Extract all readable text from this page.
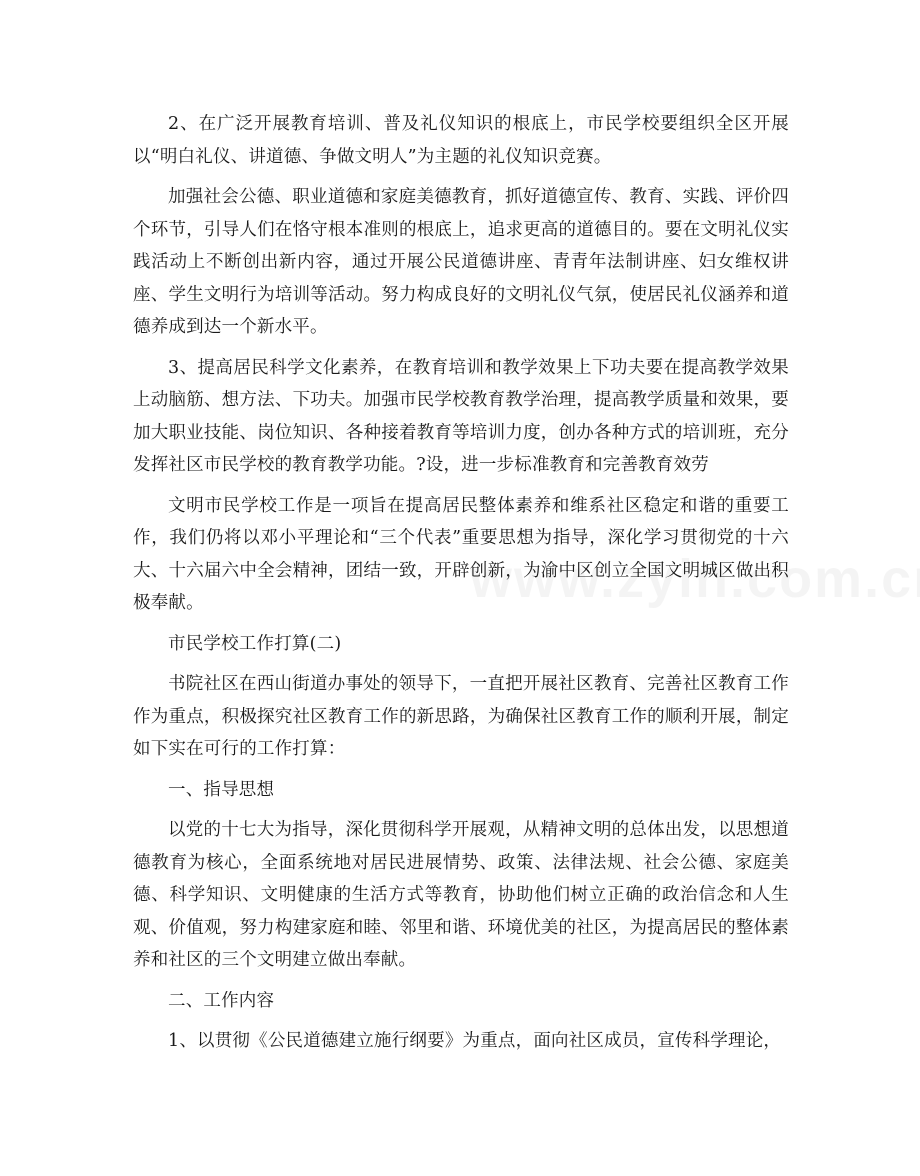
2、在广泛开展教育培训、普及礼仪知识的根底上，市民学校要组织全区开展以“明白礼仪、讲道德、争做文明人”为主题的礼仪知识竞赛。

加强社会公德、职业道德和家庭美德教育，抓好道德宣传、教育、实践、评价四个环节，引导人们在恪守根本准则的根底上，追求更高的道德目的。要在文明礼仪实践活动上不断创出新内容，通过开展公民道德讲座、青青年法制讲座、妇女维权讲座、学生文明行为培训等活动。努力构成良好的文明礼仪气氛，使居民礼仪涵养和道德养成到达一个新水平。

3、提高居民科学文化素养，在教育培训和教学效果上下功夫要在提高教学效果上动脑筋、想方法、下功夫。加强市民学校教育教学治理，提高教学质量和效果，要加大职业技能、岗位知识、各种接着教育等培训力度，创办各种方式的培训班，充分发挥社区市民学校的教育教学功能。?设，进一步标准教育和完善教育效劳

文明市民学校工作是一项旨在提高居民整体素养和维系社区稳定和谐的重要工作，我们仍将以邓小平理论和“三个代表”重要思想为指导，深化学习贯彻党的十六大、十六届六中全会精神，团结一致，开辟创新，为渝中区创立全国文明城区做出积极奉献。

市民学校工作打算(二)

书院社区在西山街道办事处的领导下，一直把开展社区教育、完善社区教育工作作为重点，积极探究社区教育工作的新思路，为确保社区教育工作的顺利开展，制定如下实在可行的工作打算：

一、指导思想

以党的十七大为指导，深化贯彻科学开展观，从精神文明的总体出发，以思想道德教育为核心，全面系统地对居民进展情势、政策、法律法规、社会公德、家庭美德、科学知识、文明健康的生活方式等教育，协助他们树立正确的政治信念和人生观、价值观，努力构建家庭和睦、邻里和谐、环境优美的社区，为提高居民的整体素养和社区的三个文明建立做出奉献。

二、工作内容

1、以贯彻《公民道德建立施行纲要》为重点，面向社区成员，宣传科学理论，
